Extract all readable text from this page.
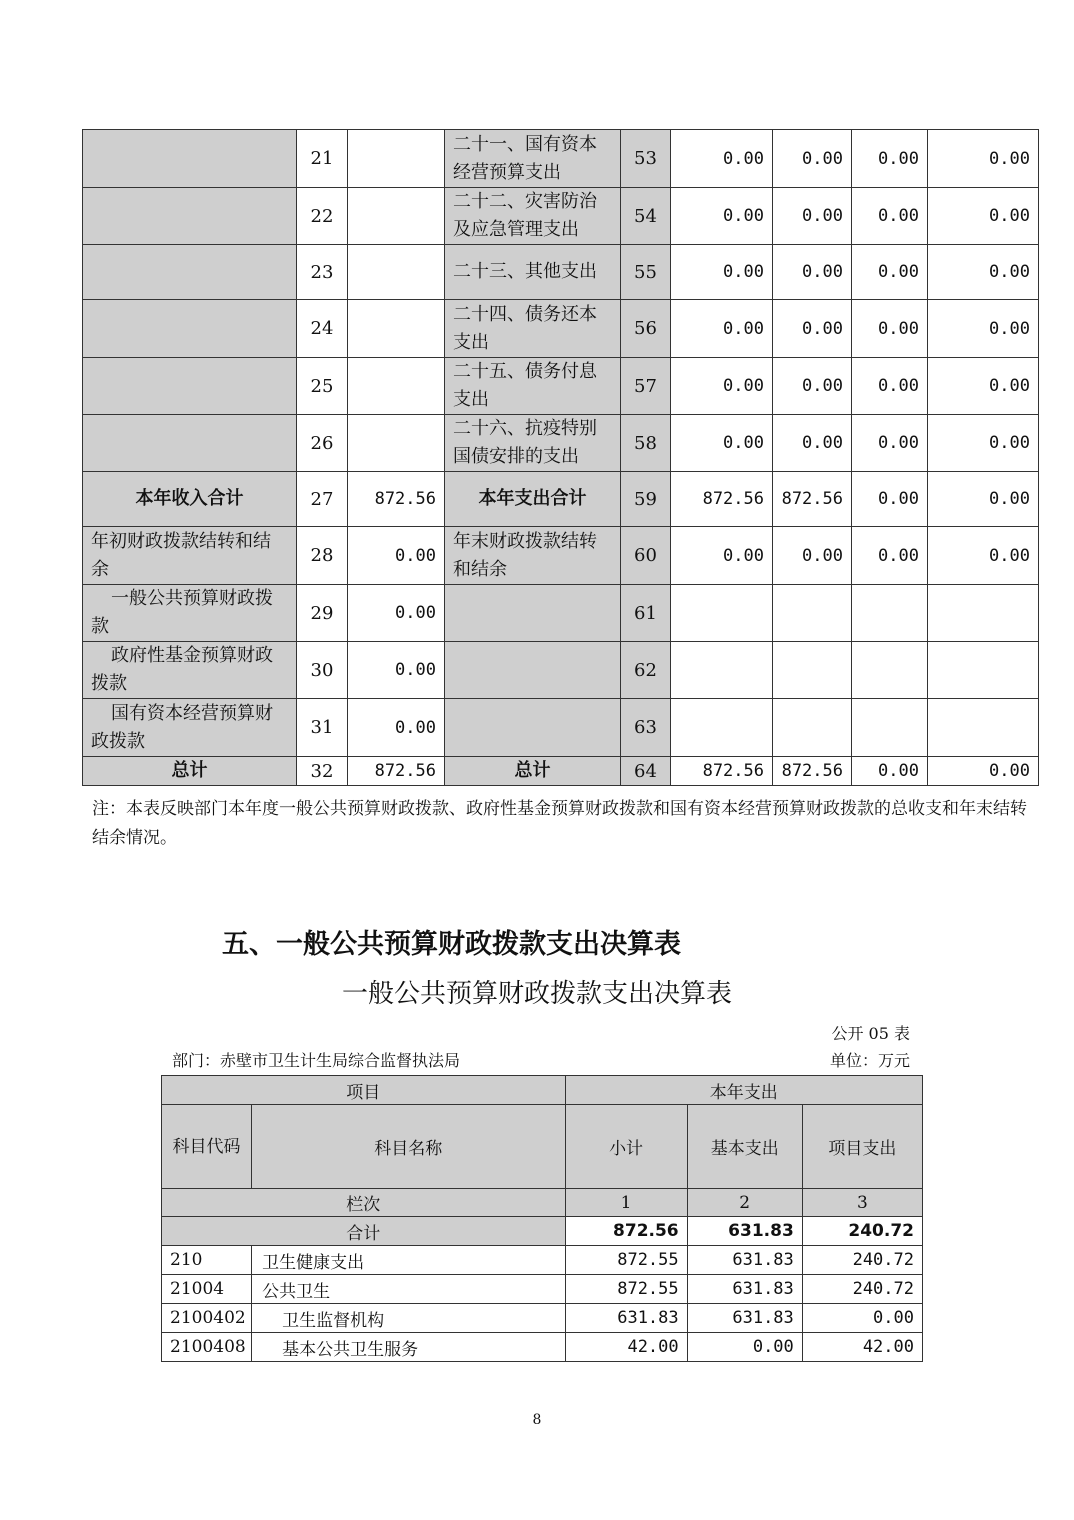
	21		二十一、国有资本经营预算支出	53	0.00	0.00	0.00	0.00
	22		二十二、灾害防治及应急管理支出	54	0.00	0.00	0.00	0.00
	23		二十三、其他支出	55	0.00	0.00	0.00	0.00
	24		二十四、债务还本支出	56	0.00	0.00	0.00	0.00
	25		二十五、债务付息支出	57	0.00	0.00	0.00	0.00
	26		二十六、抗疫特别国债安排的支出	58	0.00	0.00	0.00	0.00
本年收入合计	27	872.56	本年支出合计	59	872.56	872.56	0.00	0.00
年初财政拨款结转和结余	28	0.00	年末财政拨款结转和结余	60	0.00	0.00	0.00	0.00
一般公共预算财政拨款	29	0.00		61				
政府性基金预算财政拨款	30	0.00		62				
国有资本经营预算财政拨款	31	0.00		63				
总计	32	872.56	总计	64	872.56	872.56	0.00	0.00
注：本表反映部门本年度一般公共预算财政拨款、政府性基金预算财政拨款和国有资本经营预算财政拨款的总收支和年末结转结余情况。
五、一般公共预算财政拨款支出决算表
一般公共预算财政拨款支出决算表
公开 05 表
部门：赤壁市卫生计生局综合监督执法局	单位：万元
项目		本年支出		
科目代码	科目名称	小计	基本支出	项目支出
栏次		1	2	3
合计		872.56	631.83	240.72
210	卫生健康支出	872.55	631.83	240.72
21004	公共卫生	872.55	631.83	240.72
2100402	卫生监督机构	631.83	631.83	0.00
2100408	基本公共卫生服务	42.00	0.00	42.00
8
